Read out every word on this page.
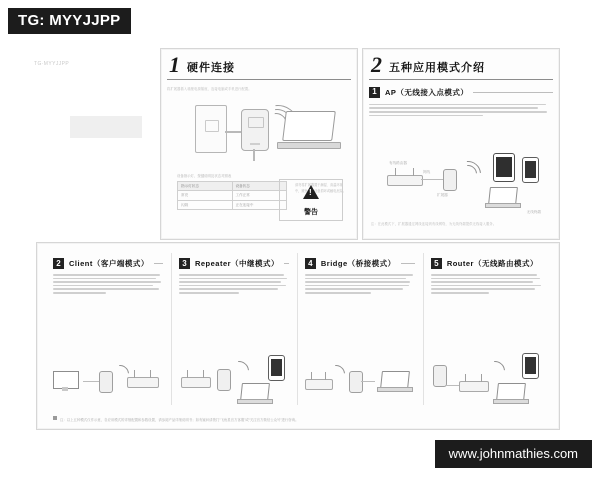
TG·MYYJJPP	1 硬件连接
将扩展器插入墙壁电源插座，连接电脑或手机进行配置。
设备指示灯、按键说明及状态对照表
指示灯状态	设备状态
常亮	工作正常
闪烁	正在连接中
请勿将扩展器置于潮湿、高温环境中，避免造成设备损坏或触电危险。
!
警告
2 五种应用模式介绍
1	AP（无线接入点模式）
有线路由器
网线
扩展器
无线终端
注：在此模式下，扩展器通过网线连接到有线网络，为无线终端提供无线接入服务。
2	Client（客户端模式）	3	Repeater（中继模式）	4	Bridge（桥接模式）	5	Router（无线路由模式）
注：以上五种模式仅作示意，各应用模式的详细配置和参数设置，请参阅产品详细说明书；如有疑问请拨打“飞鱼星官方客服”或“关注官方微信公众号”进行咨询。
TG: MYYJJPP
www.johnmathies.com
